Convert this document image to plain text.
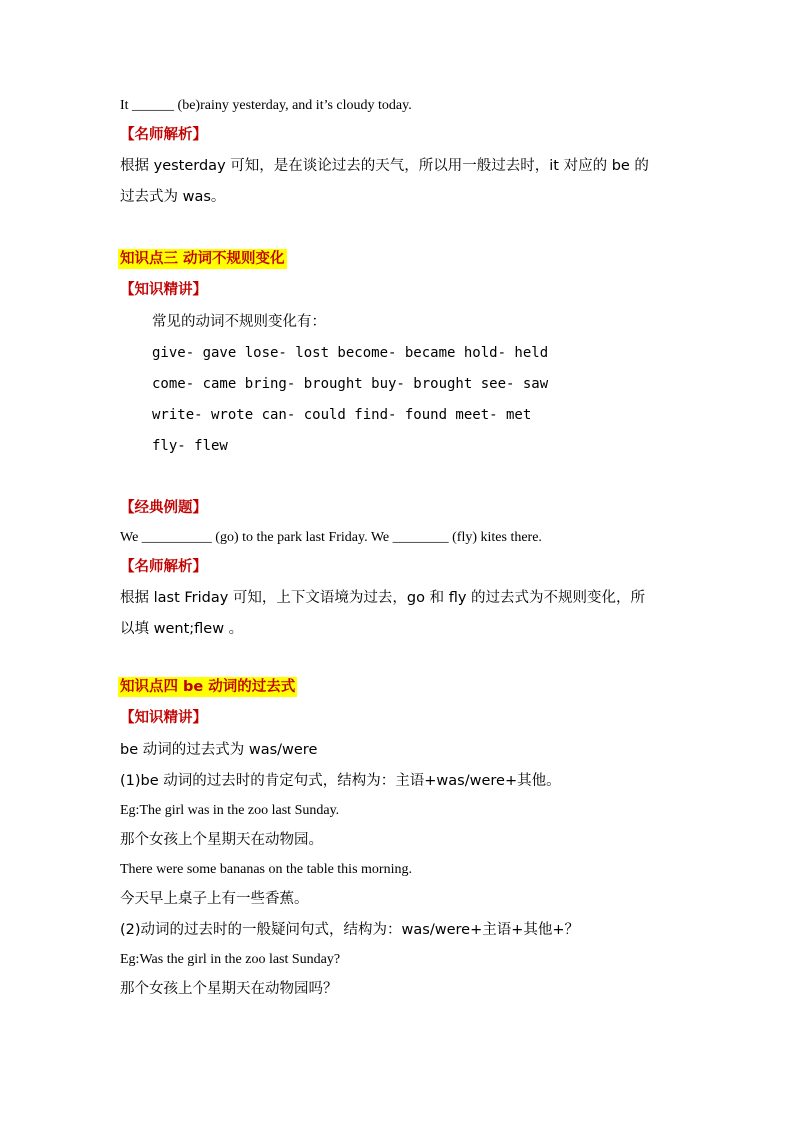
It ______ (be)rainy yesterday, and it’s cloudy today.
【名师解析】
根据 yesterday 可知，是在谈论过去的天气，所以用一般过去时，it 对应的 be 的
过去式为 was。
知识点三 动词不规则变化
【知识精讲】
常见的动词不规则变化有：
give- gave lose- lost become- became hold- held
come- came bring- brought buy- brought see- saw
write- wrote can- could find- found meet- met
fly- flew
【经典例题】
We __________ (go) to the park last Friday. We ________ (fly) kites there.
【名师解析】
根据 last Friday 可知，上下文语境为过去，go 和 fly 的过去式为不规则变化，所
以填 went;flew 。
知识点四 be 动词的过去式
【知识精讲】
be 动词的过去式为 was/were
(1)be 动词的过去时的肯定句式，结构为：主语+was/were+其他。
Eg:The girl was in the zoo last Sunday.
那个女孩上个星期天在动物园。
There were some bananas on the table this morning.
今天早上桌子上有一些香蕉。
(2)动词的过去时的一般疑问句式，结构为：was/were+主语+其他+？
Eg:Was the girl in the zoo last Sunday?
那个女孩上个星期天在动物园吗？
